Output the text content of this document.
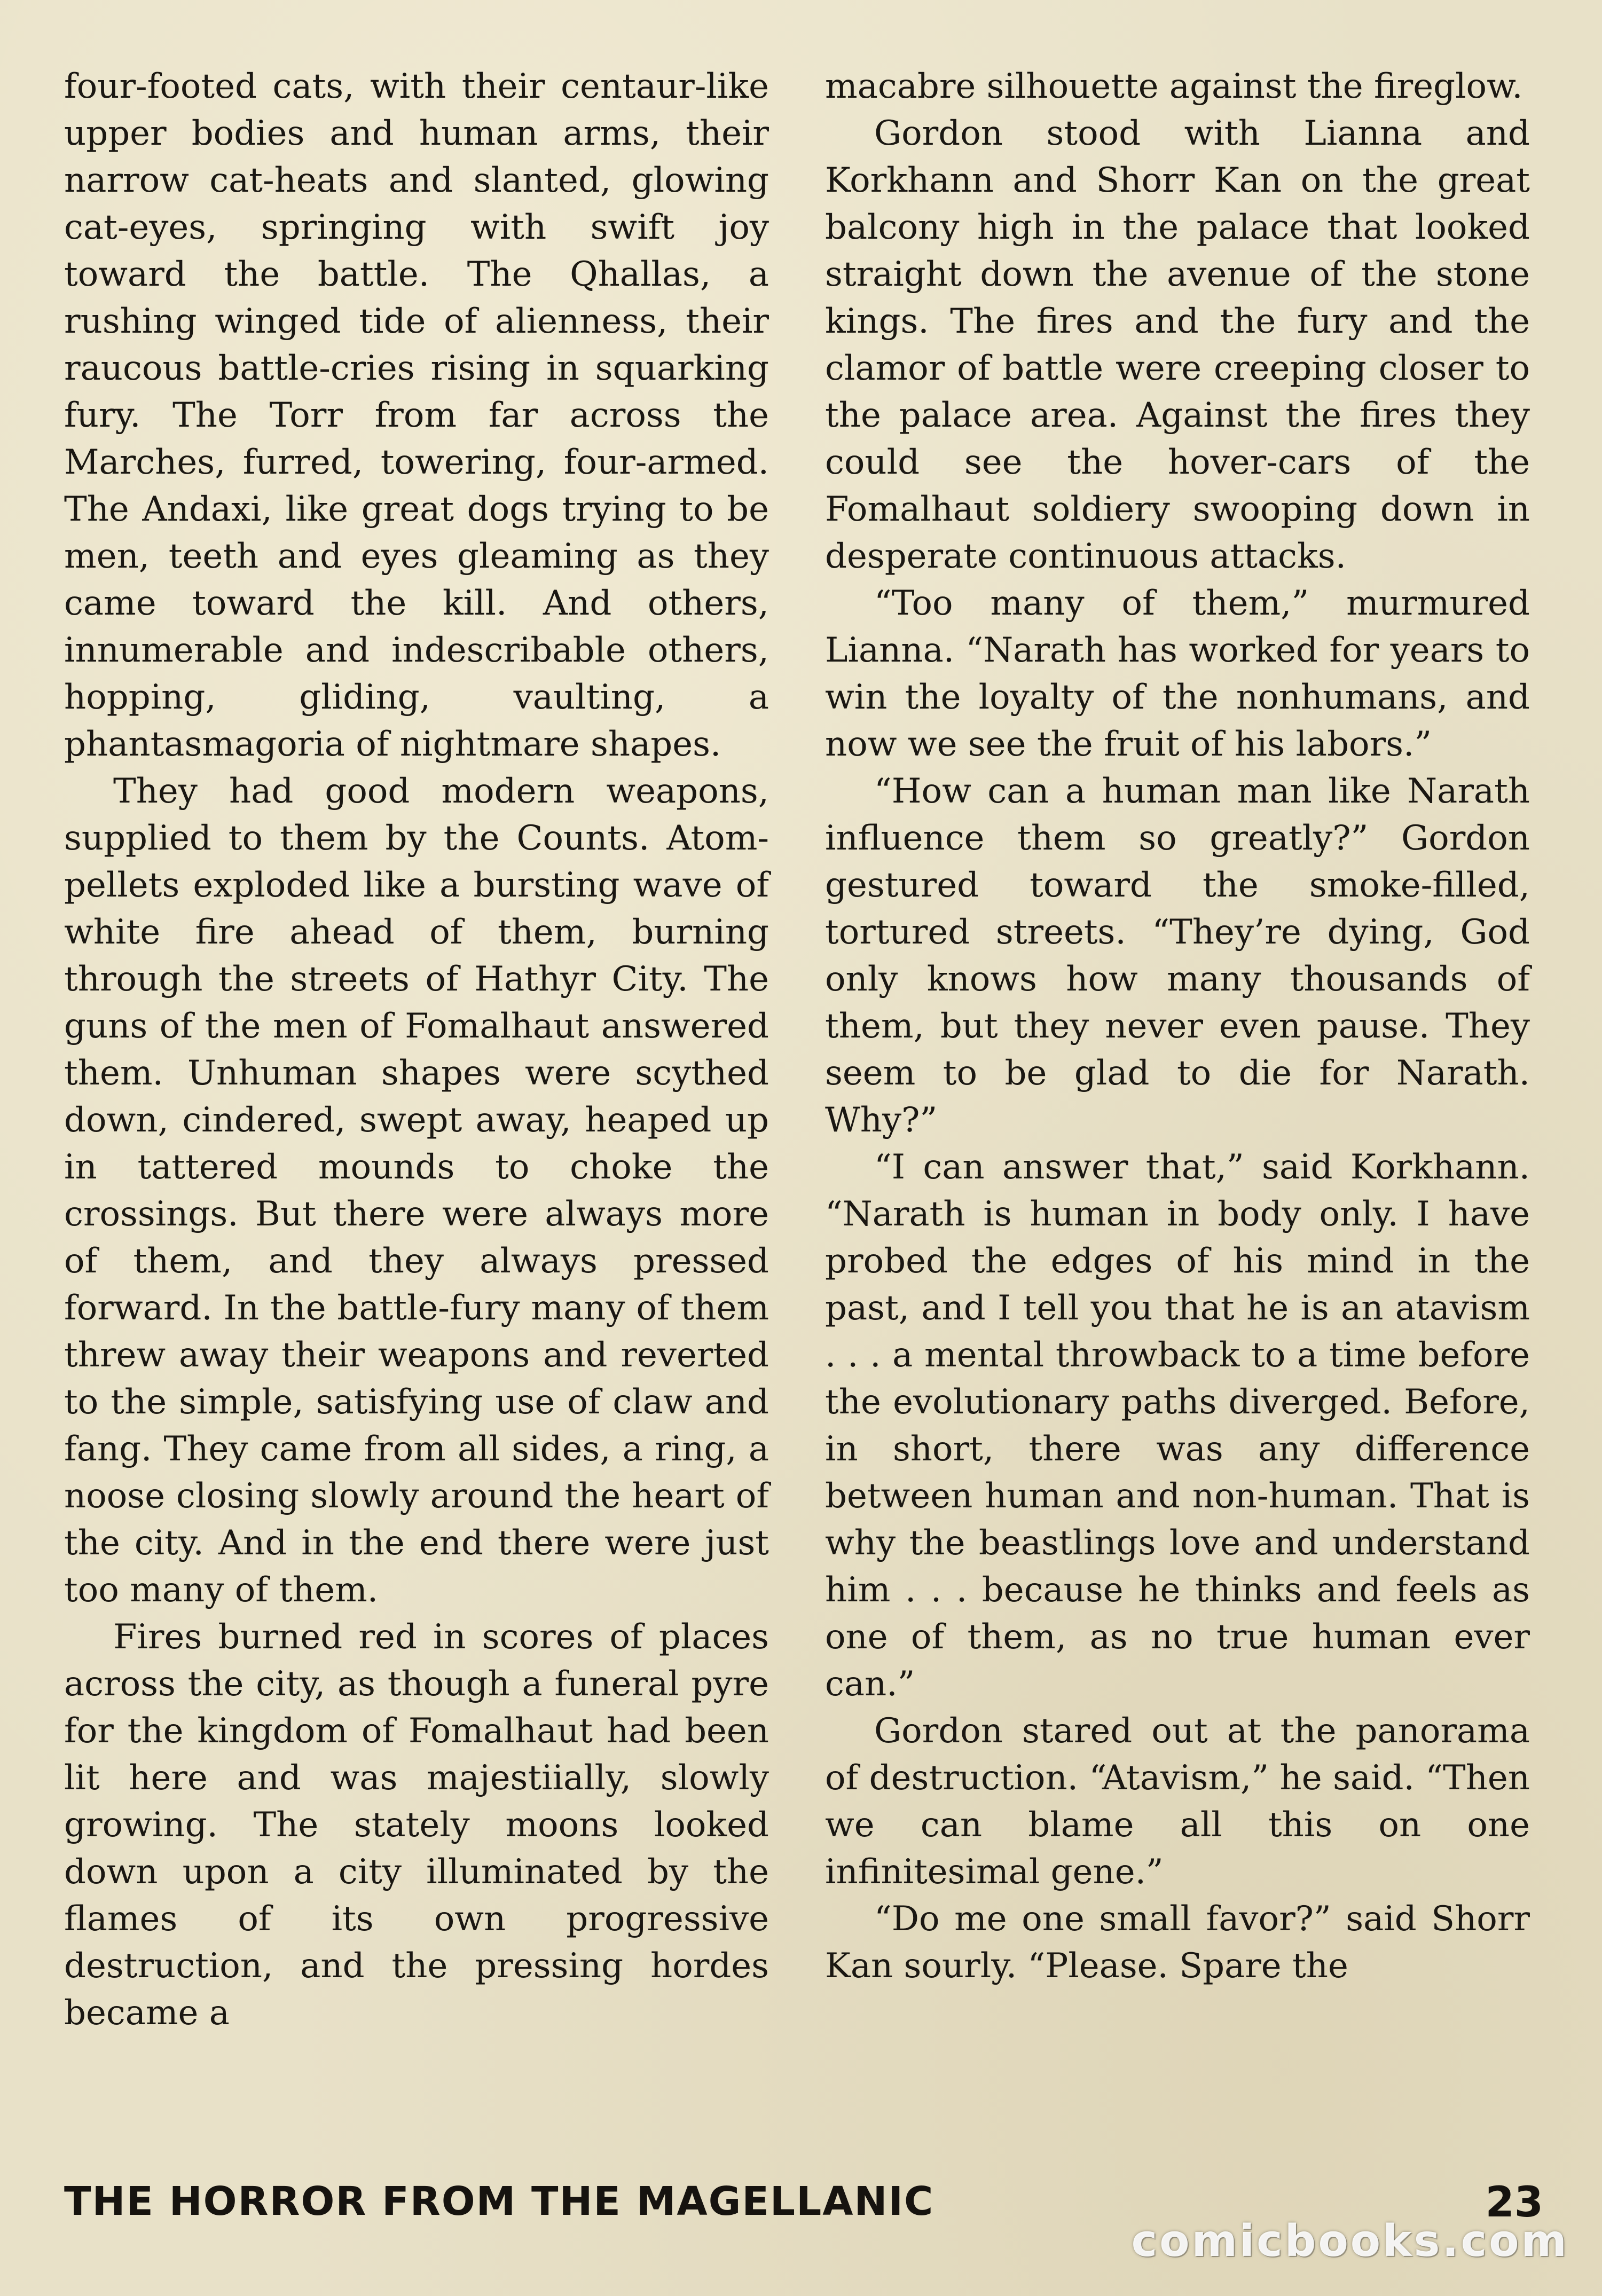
four-footed cats, with their centaur-like upper bodies and human arms, their narrow cat-heats and slanted, glowing cat-eyes, springing with swift joy toward the battle. The Qhallas, a rushing winged tide of alienness, their raucous battle-cries rising in squarking fury. The Torr from far across the Marches, furred, towering, four-armed. The Andaxi, like great dogs trying to be men, teeth and eyes gleaming as they came toward the kill. And others, innumerable and indescribable others, hopping, gliding, vaulting, a phantasmagoria of nightmare shapes.

They had good modern weapons, supplied to them by the Counts. Atom-pellets exploded like a bursting wave of white fire ahead of them, burning through the streets of Hathyr City. The guns of the men of Fomalhaut answered them. Unhuman shapes were scythed down, cindered, swept away, heaped up in tattered mounds to choke the crossings. But there were always more of them, and they always pressed forward. In the battle-fury many of them threw away their weapons and reverted to the simple, satisfying use of claw and fang. They came from all sides, a ring, a noose closing slowly around the heart of the city. And in the end there were just too many of them.

Fires burned red in scores of places across the city, as though a funeral pyre for the kingdom of Fomalhaut had been lit here and was majestiially, slowly growing. The stately moons looked down upon a city illuminated by the flames of its own progressive destruction, and the pressing hordes became a

macabre silhouette against the fireglow.

Gordon stood with Lianna and Korkhann and Shorr Kan on the great balcony high in the palace that looked straight down the avenue of the stone kings. The fires and the fury and the clamor of battle were creeping closer to the palace area. Against the fires they could see the hover-cars of the Fomalhaut soldiery swooping down in desperate continuous attacks.

“Too many of them,” murmured Lianna. “Narath has worked for years to win the loyalty of the nonhumans, and now we see the fruit of his labors.”

“How can a human man like Narath influence them so greatly?” Gordon gestured toward the smoke-filled, tortured streets. “They’re dying, God only knows how many thousands of them, but they never even pause. They seem to be glad to die for Narath. Why?”

“I can answer that,” said Korkhann. “Narath is human in body only. I have probed the edges of his mind in the past, and I tell you that he is an atavism . . . a mental throwback to a time before the evolutionary paths diverged. Before, in short, there was any difference between human and non-human. That is why the beastlings love and understand him . . . because he thinks and feels as one of them, as no true human ever can.”

Gordon stared out at the panorama of destruction. “Atavism,” he said. “Then we can blame all this on one infinitesimal gene.”

“Do me one small favor?” said Shorr Kan sourly. “Please. Spare the

THE HORROR FROM THE MAGELLANIC	23
comicbooks.com
